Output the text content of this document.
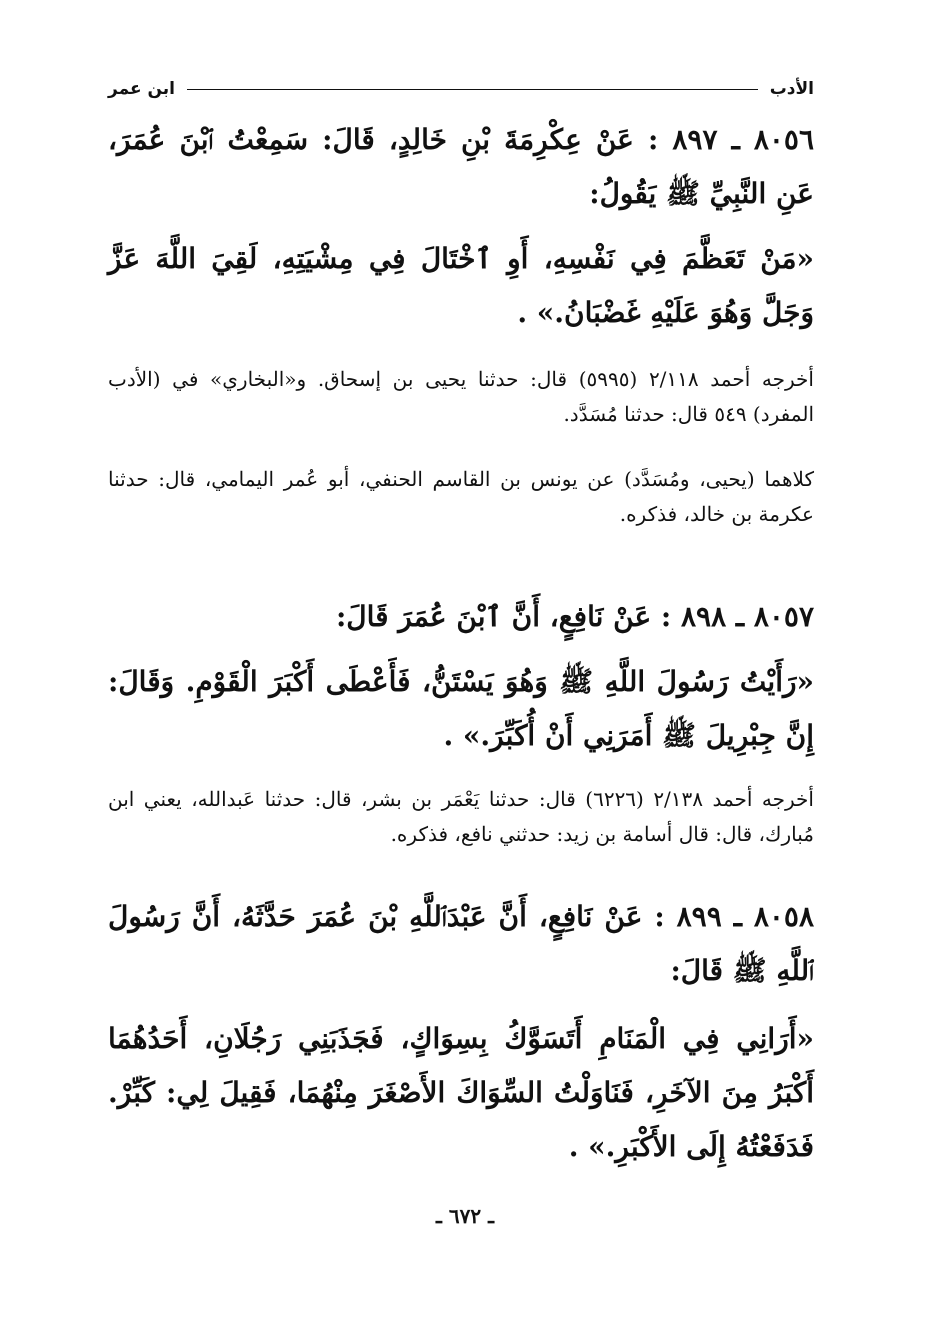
الأدب
ابن عمر
٨٠٥٦ ـ ٨٩٧ : عَنْ عِكْرِمَةَ بْنِ خَالِدٍ، قَالَ: سَمِعْتُ ٱبْنَ عُمَرَ، عَنِ النَّبِيِّ ﷺ يَقُولُ:
«مَنْ تَعَظَّمَ فِي نَفْسِهِ، أَوِ ٱخْتَالَ فِي مِشْيَتِهِ، لَقِيَ اللَّهَ عَزَّ وَجَلَّ وَهُوَ عَلَيْهِ غَضْبَانُ.» .
أخرجه أحمد ٢/١١٨ (٥٩٩٥) قال: حدثنا يحيى بن إسحاق. و«البخاري» في (الأدب المفرد) ٥٤٩ قال: حدثنا مُسَدَّد.
كلاهما (يحيى، ومُسَدَّد) عن يونس بن القاسم الحنفي، أبو عُمر اليمامي، قال: حدثنا عكرمة بن خالد، فذكره.
٨٠٥٧ ـ ٨٩٨ : عَنْ نَافِعٍ، أَنَّ ٱبْنَ عُمَرَ قَالَ:
«رَأَيْتُ رَسُولَ اللَّهِ ﷺ وَهُوَ يَسْتَنُّ، فَأَعْطَى أَكْبَرَ الْقَوْمِ. وَقَالَ: إِنَّ جِبْرِيلَ ﷺ أَمَرَنِي أَنْ أُكَبِّرَ.» .
أخرجه أحمد ٢/١٣٨ (٦٢٢٦) قال: حدثنا يَعْمَر بن بشر، قال: حدثنا عَبدالله، يعني ابن مُبارك، قال: قال أسامة بن زيد: حدثني نافع، فذكره.
٨٠٥٨ ـ ٨٩٩ : عَنْ نَافِعٍ، أَنَّ عَبْدَٱللَّهِ بْنَ عُمَرَ حَدَّثَهُ، أَنَّ رَسُولَ ٱللَّهِ ﷺ قَالَ:
«أَرَانِي فِي الْمَنَامِ أَتَسَوَّكُ بِسِوَاكٍ، فَجَذَبَنِي رَجُلَانِ، أَحَدُهُمَا أَكْبَرُ مِنَ الآخَرِ، فَنَاوَلْتُ السِّوَاكَ الأَصْغَرَ مِنْهُمَا، فَقِيلَ لِي: كَبِّرْ. فَدَفَعْتُهُ إِلَى الأَكْبَرِ.» .
ـ ٦٧٢ ـ
